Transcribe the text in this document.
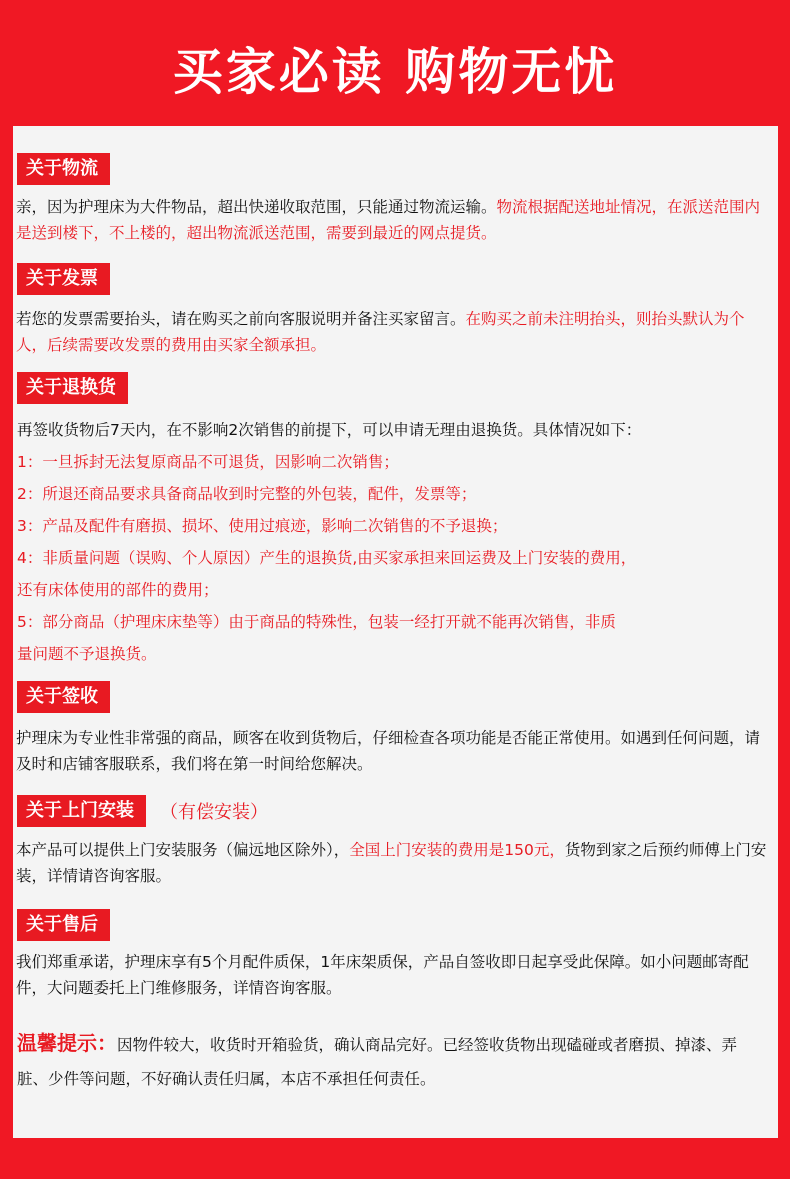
买家必读 购物无忧
关于物流
亲，因为护理床为大件物品，超出快递收取范围，只能通过物流运输。物流根据配送地址情况，在派送范围内是送到楼下，不上楼的，超出物流派送范围，需要到最近的网点提货。
关于发票
若您的发票需要抬头，请在购买之前向客服说明并备注买家留言。在购买之前未注明抬头，则抬头默认为个人，后续需要改发票的费用由买家全额承担。
关于退换货
再签收货物后7天内，在不影响2次销售的前提下，可以申请无理由退换货。具体情况如下：
1：一旦拆封无法复原商品不可退货，因影响二次销售；
2：所退还商品要求具备商品收到时完整的外包装，配件，发票等；
3：产品及配件有磨损、损坏、使用过痕迹，影响二次销售的不予退换；
4：非质量问题（误购、个人原因）产生的退换货,由买家承担来回运费及上门安装的费用，
还有床体使用的部件的费用；
5：部分商品（护理床床垫等）由于商品的特殊性，包装一经打开就不能再次销售，非质
量问题不予退换货。
关于签收
护理床为专业性非常强的商品，顾客在收到货物后，仔细检查各项功能是否能正常使用。如遇到任何问题，请及时和店铺客服联系，我们将在第一时间给您解决。
关于上门安装	（有偿安装）
本产品可以提供上门安装服务（偏远地区除外），全国上门安装的费用是150元，货物到家之后预约师傅上门安装，详情请咨询客服。
关于售后
我们郑重承诺，护理床享有5个月配件质保，1年床架质保，产品自签收即日起享受此保障。如小问题邮寄配件，大问题委托上门维修服务，详情咨询客服。
温馨提示：因物件较大，收货时开箱验货，确认商品完好。已经签收货物出现磕碰或者磨损、掉漆、弄脏、少件等问题，不好确认责任归属，本店不承担任何责任。
